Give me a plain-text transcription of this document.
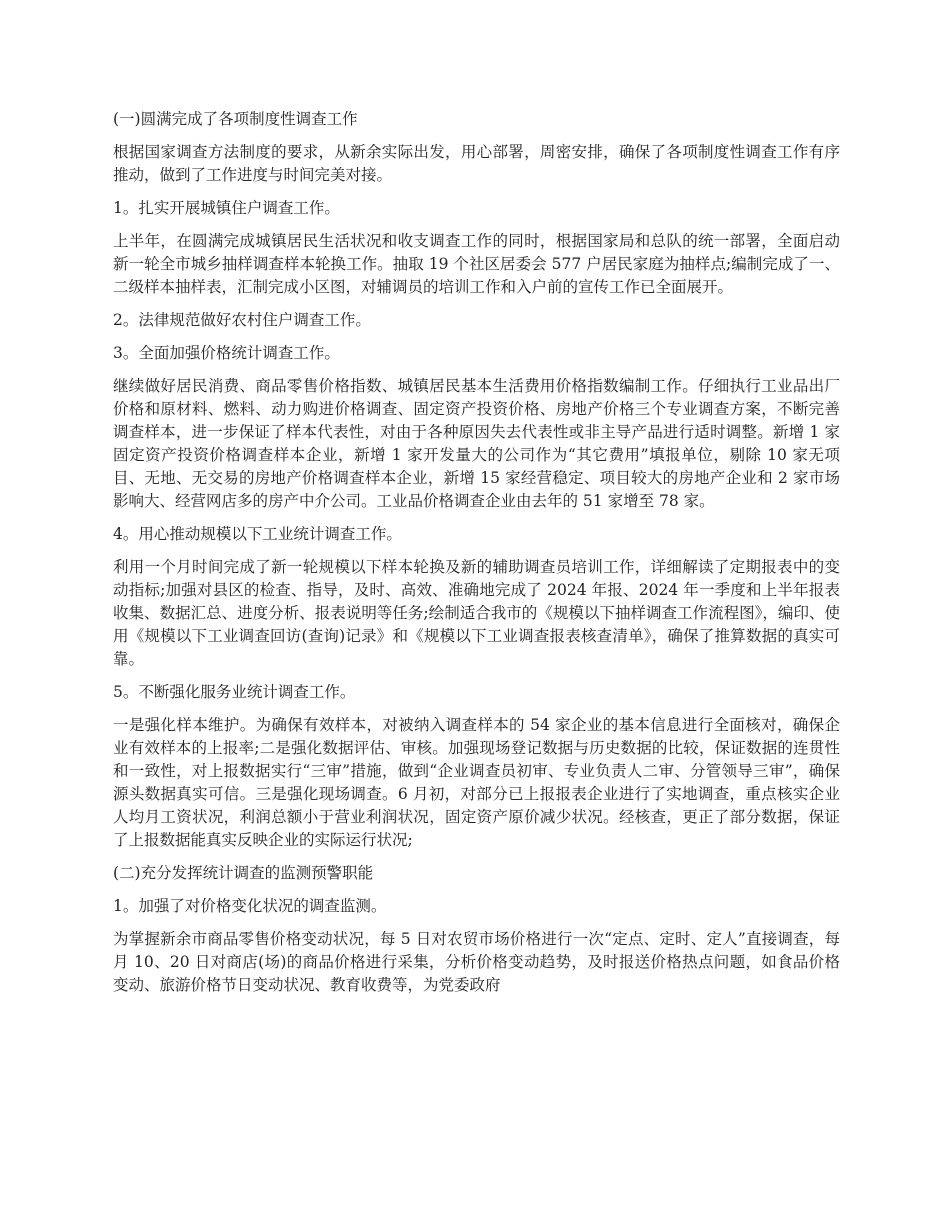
(一)圆满完成了各项制度性调查工作

根据国家调查方法制度的要求，从新余实际出发，用心部署，周密安排，确保了各项制度性调查工作有序推动，做到了工作进度与时间完美对接。

1。扎实开展城镇住户调查工作。

上半年，在圆满完成城镇居民生活状况和收支调查工作的同时，根据国家局和总队的统一部署，全面启动新一轮全市城乡抽样调查样本轮换工作。抽取 19 个社区居委会 577 户居民家庭为抽样点;编制完成了一、二级样本抽样表，汇制完成小区图，对辅调员的培训工作和入户前的宣传工作已全面展开。

2。法律规范做好农村住户调查工作。

3。全面加强价格统计调查工作。

继续做好居民消费、商品零售价格指数、城镇居民基本生活费用价格指数编制工作。仔细执行工业品出厂价格和原材料、燃料、动力购进价格调查、固定资产投资价格、房地产价格三个专业调查方案，不断完善调查样本，进一步保证了样本代表性，对由于各种原因失去代表性或非主导产品进行适时调整。新增 1 家固定资产投资价格调查样本企业，新增 1 家开发量大的公司作为“其它费用”填报单位，剔除 10 家无项目、无地、无交易的房地产价格调查样本企业，新增 15 家经营稳定、项目较大的房地产企业和 2 家市场影响大、经营网店多的房产中介公司。工业品价格调查企业由去年的 51 家增至 78 家。

4。用心推动规模以下工业统计调查工作。

利用一个月时间完成了新一轮规模以下样本轮换及新的辅助调查员培训工作，详细解读了定期报表中的变动指标;加强对县区的检查、指导，及时、高效、准确地完成了 2024 年报、2024 年一季度和上半年报表收集、数据汇总、进度分析、报表说明等任务;绘制适合我市的《规模以下抽样调查工作流程图》，编印、使用《规模以下工业调查回访(查询)记录》和《规模以下工业调查报表核查清单》，确保了推算数据的真实可靠。

5。不断强化服务业统计调查工作。

一是强化样本维护。为确保有效样本，对被纳入调查样本的 54 家企业的基本信息进行全面核对，确保企业有效样本的上报率;二是强化数据评估、审核。加强现场登记数据与历史数据的比较，保证数据的连贯性和一致性，对上报数据实行“三审”措施，做到“企业调查员初审、专业负责人二审、分管领导三审”，确保源头数据真实可信。三是强化现场调查。6 月初，对部分已上报报表企业进行了实地调查，重点核实企业人均月工资状况，利润总额小于营业利润状况，固定资产原价减少状况。经核查，更正了部分数据，保证了上报数据能真实反映企业的实际运行状况;

(二)充分发挥统计调查的监测预警职能

1。加强了对价格变化状况的调查监测。

为掌握新余市商品零售价格变动状况，每 5 日对农贸市场价格进行一次“定点、定时、定人”直接调查，每月 10、20 日对商店(场)的商品价格进行采集，分析价格变动趋势，及时报送价格热点问题，如食品价格变动、旅游价格节日变动状况、教育收费等，为党委政府
